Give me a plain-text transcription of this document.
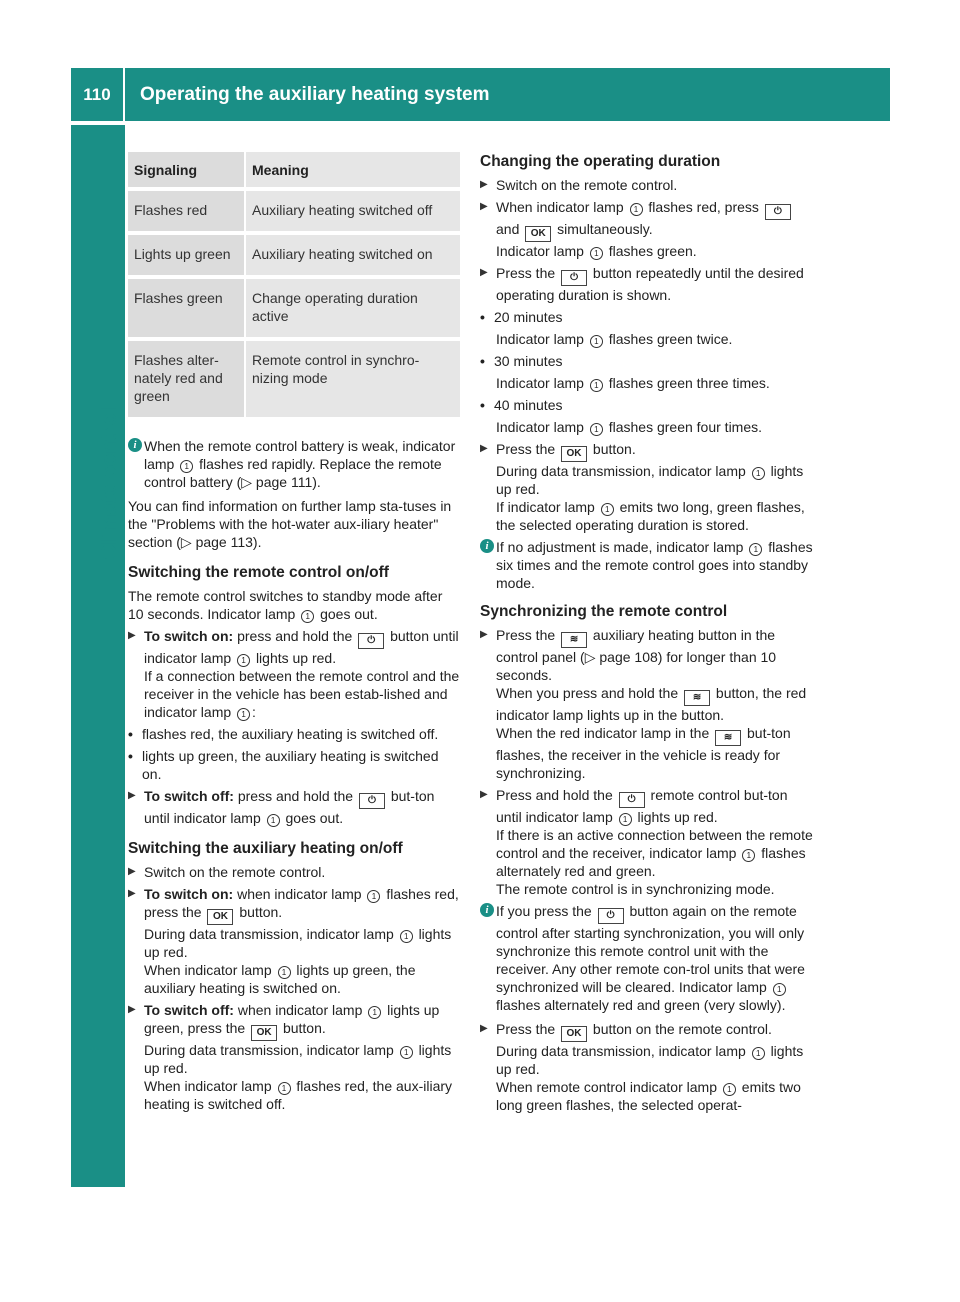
110	Operating the auxiliary heating system
Climate control
Signaling	Meaning
Flashes red	Auxiliary heating switched off
Lights up green	Auxiliary heating switched on
Flashes green	Change operating duration active
Flashes alter-nately red and green	Remote control in synchro-nizing mode
i When the remote control battery is weak, indicator lamp 1 flashes red rapidly. Replace the remote control battery (▷ page 111).

You can find information on further lamp sta-tuses in the "Problems with the hot-water aux-iliary heater" section (▷ page 113).

Switching the remote control on/off

The remote control switches to standby mode after 10 seconds. Indicator lamp 1 goes out.

▶ To switch on: press and hold the ⏻ button until indicator lamp 1 lights up red.
If a connection between the remote control and the receiver in the vehicle has been estab-lished and indicator lamp 1 :
• flashes red, the auxiliary heating is switched off.
• lights up green, the auxiliary heating is switched on.
▶ To switch off: press and hold the ⏻ but-ton until indicator lamp 1 goes out.
Switching the auxiliary heating on/off
▶ Switch on the remote control.
▶ To switch on: when indicator lamp 1 flashes red, press the OK button.
During data transmission, indicator lamp 1 lights up red.
When indicator lamp 1 lights up green, the auxiliary heating is switched on.
▶ To switch off: when indicator lamp 1 lights up green, press the OK button.
During data transmission, indicator lamp 1 lights up red.
When indicator lamp 1 flashes red, the aux-iliary heating is switched off.
Changing the operating duration
▶ Switch on the remote control.
▶ When indicator lamp 1 flashes red, press ⏻ and OK simultaneously.
Indicator lamp 1 flashes green.
▶ Press the ⏻ button repeatedly until the desired operating duration is shown.
• 20 minutes

Indicator lamp 1 flashes green twice.

• 30 minutes

Indicator lamp 1 flashes green three times.

• 40 minutes

Indicator lamp 1 flashes green four times.

▶ Press the OK button.
During data transmission, indicator lamp 1 lights up red.
If indicator lamp 1 emits two long, green flashes, the selected operating duration is stored.
i If no adjustment is made, indicator lamp 1 flashes six times and the remote control goes into standby mode.
Synchronizing the remote control
▶ Press the ≋ auxiliary heating button in the control panel (▷ page 108) for longer than 10 seconds.
When you press and hold the ≋ button, the red indicator lamp lights up in the button.
When the red indicator lamp in the ≋ but-ton flashes, the receiver in the vehicle is ready for synchronizing.
▶ Press and hold the ⏻ remote control but-ton until indicator lamp 1 lights up red.
If there is an active connection between the remote control and the receiver, indicator lamp 1 flashes alternately red and green.
The remote control is in synchronizing mode.
i If you press the ⏻ button again on the remote control after starting synchronization, you will only synchronize this remote control unit with the receiver. Any other remote con-trol units that were synchronized will be cleared. Indicator lamp 1 flashes alternately red and green (very slowly).
▶ Press the OK button on the remote control.
During data transmission, indicator lamp 1 lights up red.
When remote control indicator lamp 1 emits two long green flashes, the selected operat-
